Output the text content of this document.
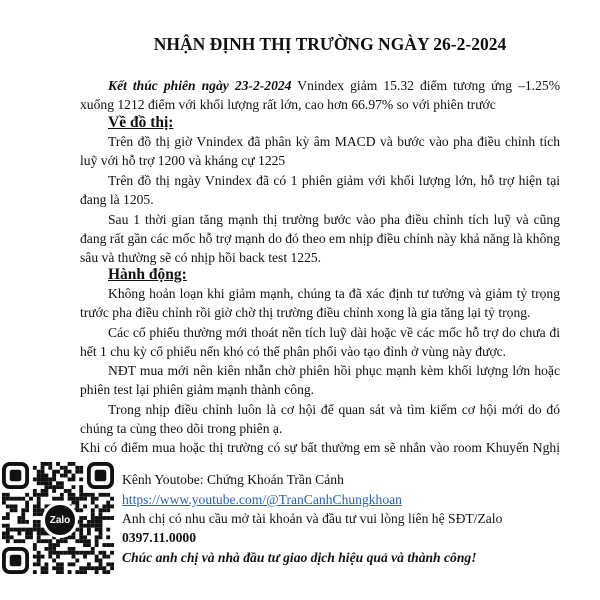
NHẬN ĐỊNH THỊ TRƯỜNG NGÀY 26-2-2024
Kết thúc phiên ngày 23-2-2024 Vnindex giảm 15.32 điểm tương ứng –1.25%
xuống 1212 điểm với khối lượng rất lớn, cao hơn 66.97% so với phiên trước
Về đồ thị:
Trên đồ thị giờ Vnindex đã phân kỳ âm MACD và bước vào pha điều chỉnh tích
luỹ với hỗ trợ 1200 và kháng cự 1225
Trên đồ thị ngày Vnindex đã có 1 phiên giảm với khối lượng lớn, hỗ trợ hiện tại
đang là 1205.
Sau 1 thời gian tăng mạnh thị trường bước vào pha điều chỉnh tích luỹ và cũng
đang rất gần các mốc hỗ trợ mạnh do đó theo em nhịp điều chỉnh này khả năng là không
sâu và thường sẽ có nhịp hồi back test 1225.
Hành động:
Không hoản loạn khi giảm mạnh, chúng ta đã xác định tư tưởng và giảm tỷ trọng
trước pha điều chỉnh rồi giờ chờ thị trường điều chỉnh xong là gia tăng lại tỷ trọng.
Các cổ phiếu thường mới thoát nền tích luỹ dài hoặc về các mốc hỗ trợ do chưa đi
hết 1 chu kỳ cổ phiếu nến khó có thể phân phối vào tạo đỉnh ở vùng này được.
NĐT mua mới nên kiên nhẫn chờ phiên hồi phục mạnh kèm khối lượng lớn hoặc
phiên test lại phiên giảm mạnh thành công.
Trong nhịp điều chỉnh luôn là cơ hội để quan sát và tìm kiếm cơ hội mới do đó
chúng ta cùng theo dõi trong phiên ạ.
Khi có điểm mua hoặc thị trường có sự bất thường em sẽ nhắn vào room Khuyến Nghị
Zalo
Kênh Youtobe: Chứng Khoán Trần Cảnh
https://www.youtube.com/@TranCanhChungkhoan
Anh chị có nhu cầu mở tài khoản và đầu tư vui lòng liên hệ SĐT/Zalo
0397.11.0000
Chúc anh chị và nhà đầu tư giao dịch hiệu quả và thành công!
